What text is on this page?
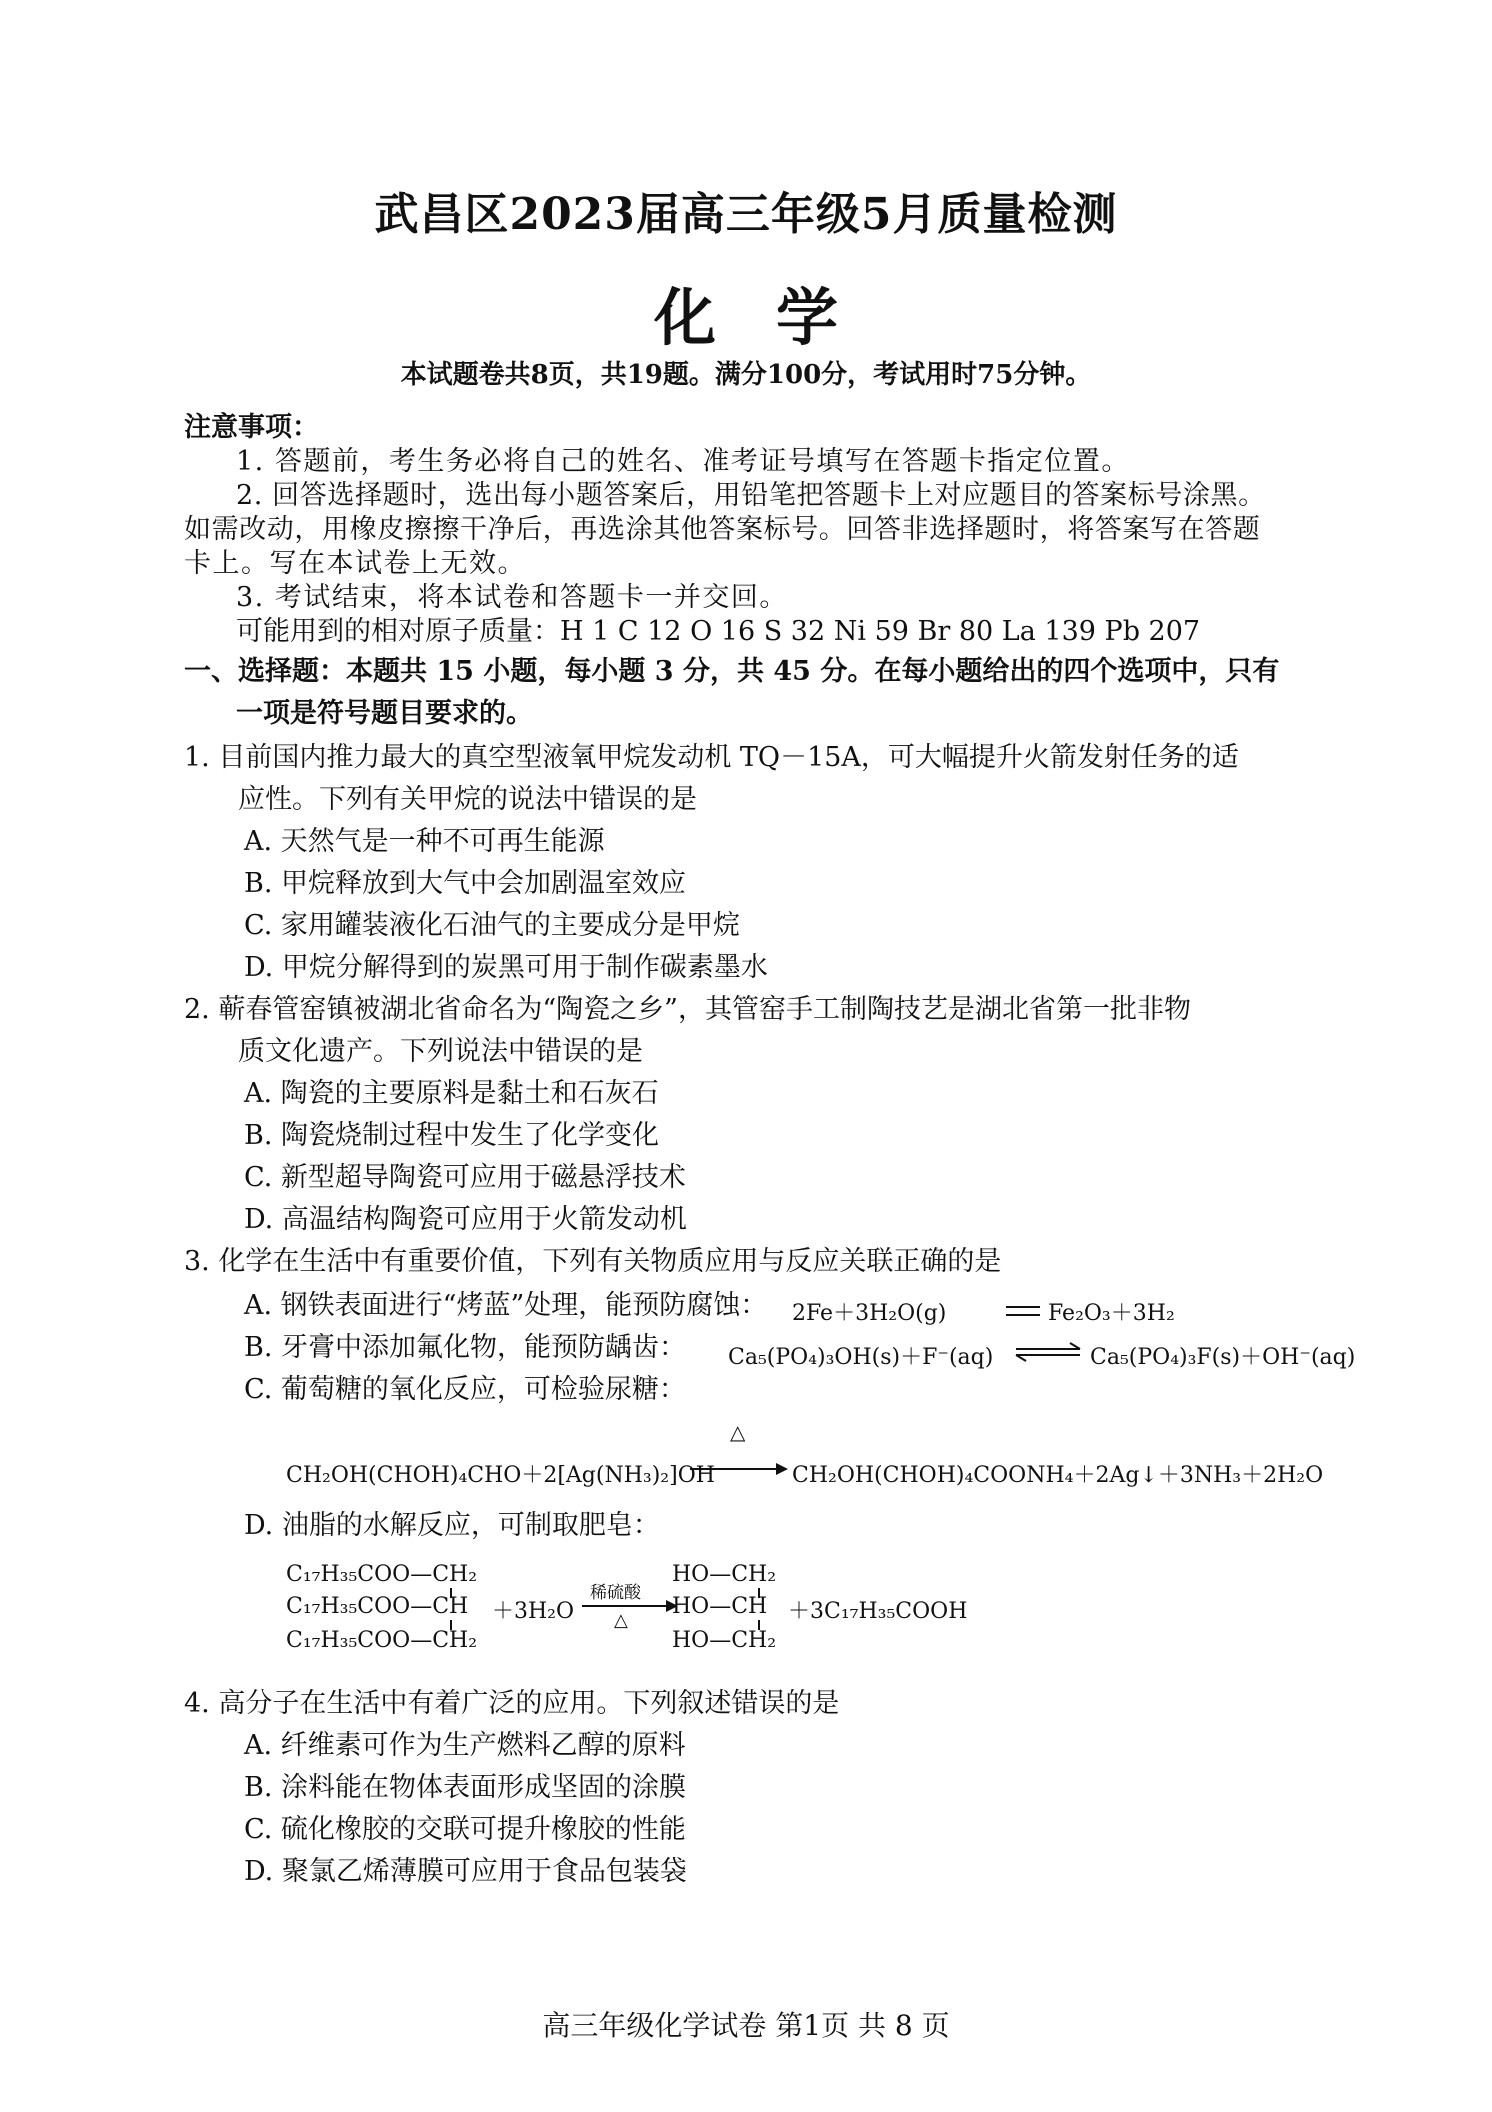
武昌区2023届高三年级5月质量检测
化学
本试题卷共8页，共19题。满分100分，考试用时75分钟。
注意事项：
1. 答题前，考生务必将自己的姓名、准考证号填写在答题卡指定位置。
2. 回答选择题时，选出每小题答案后，用铅笔把答题卡上对应题目的答案标号涂黑。
如需改动，用橡皮擦擦干净后，再选涂其他答案标号。回答非选择题时，将答案写在答题
卡上。写在本试卷上无效。
3. 考试结束，将本试卷和答题卡一并交回。
可能用到的相对原子质量：H 1 C 12 O 16 S 32 Ni 59 Br 80 La 139 Pb 207
一、选择题：本题共 15 小题，每小题 3 分，共 45 分。在每小题给出的四个选项中，只有
一项是符号题目要求的。
1. 目前国内推力最大的真空型液氧甲烷发动机 TQ－15A，可大幅提升火箭发射任务的适
应性。下列有关甲烷的说法中错误的是
A. 天然气是一种不可再生能源
B. 甲烷释放到大气中会加剧温室效应
C. 家用罐装液化石油气的主要成分是甲烷
D. 甲烷分解得到的炭黑可用于制作碳素墨水
2. 蕲春管窑镇被湖北省命名为“陶瓷之乡”，其管窑手工制陶技艺是湖北省第一批非物
质文化遗产。下列说法中错误的是
A. 陶瓷的主要原料是黏土和石灰石
B. 陶瓷烧制过程中发生了化学变化
C. 新型超导陶瓷可应用于磁悬浮技术
D. 高温结构陶瓷可应用于火箭发动机
3. 化学在生活中有重要价值，下列有关物质应用与反应关联正确的是
A. 钢铁表面进行“烤蓝”处理，能预防腐蚀： 2Fe＋3H₂O(g)	Fe₂O₃＋3H₂
B. 牙膏中添加氟化物，能预防龋齿： Ca₅(PO₄)₃OH(s)＋F⁻(aq)	Ca₅(PO₄)₃F(s)＋OH⁻(aq)
C. 葡萄糖的氧化反应，可检验尿糖：
△
CH₂OH(CHOH)₄CHO＋2[Ag(NH₃)₂]OH	CH₂OH(CHOH)₄COONH₄＋2Ag↓＋3NH₃＋2H₂O
D. 油脂的水解反应，可制取肥皂：
C₁₇H₃₅COO—CH₂
C₁₇H₃₅COO—CH
C₁₇H₃₅COO—CH₂
＋3H₂O
稀硫酸
△
HO—CH₂
HO—CH
HO—CH₂
＋3C₁₇H₃₅COOH
4. 高分子在生活中有着广泛的应用。下列叙述错误的是
A. 纤维素可作为生产燃料乙醇的原料
B. 涂料能在物体表面形成坚固的涂膜
C. 硫化橡胶的交联可提升橡胶的性能
D. 聚氯乙烯薄膜可应用于食品包装袋
高三年级化学试卷 第1页 共 8 页
